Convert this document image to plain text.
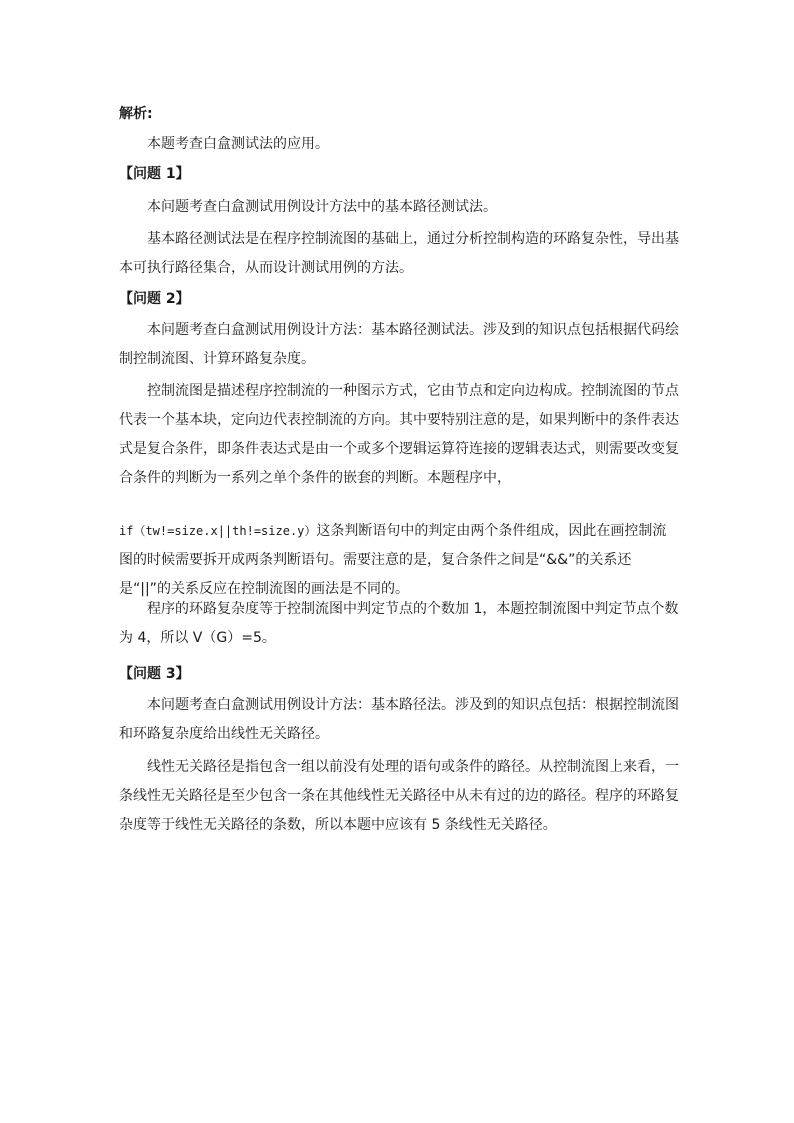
解析:

本题考查白盒测试法的应用。

【问题 1】

本问题考查白盒测试用例设计方法中的基本路径测试法。

基本路径测试法是在程序控制流图的基础上，通过分析控制构造的环路复杂性，导出基本可执行路径集合，从而设计测试用例的方法。

【问题 2】

本问题考查白盒测试用例设计方法：基本路径测试法。涉及到的知识点包括根据代码绘制控制流图、计算环路复杂度。

控制流图是描述程序控制流的一种图示方式，它由节点和定向边构成。控制流图的节点代表一个基本块，定向边代表控制流的方向。其中要特别注意的是，如果判断中的条件表达式是复合条件，即条件表达式是由一个或多个逻辑运算符连接的逻辑表达式，则需要改变复合条件的判断为一系列之单个条件的嵌套的判断。本题程序中，

if（tw!=size.x||th!=size.y）这条判断语句中的判定由两个条件组成，因此在画控制流图的时候需要拆开成两条判断语句。需要注意的是，复合条件之间是“&&”的关系还是“||”的关系反应在控制流图的画法是不同的。

程序的环路复杂度等于控制流图中判定节点的个数加 1，本题控制流图中判定节点个数为 4，所以 V（G）=5。

【问题 3】

本问题考查白盒测试用例设计方法：基本路径法。涉及到的知识点包括：根据控制流图和环路复杂度给出线性无关路径。

线性无关路径是指包含一组以前没有处理的语句或条件的路径。从控制流图上来看，一条线性无关路径是至少包含一条在其他线性无关路径中从未有过的边的路径。程序的环路复杂度等于线性无关路径的条数，所以本题中应该有 5 条线性无关路径。
